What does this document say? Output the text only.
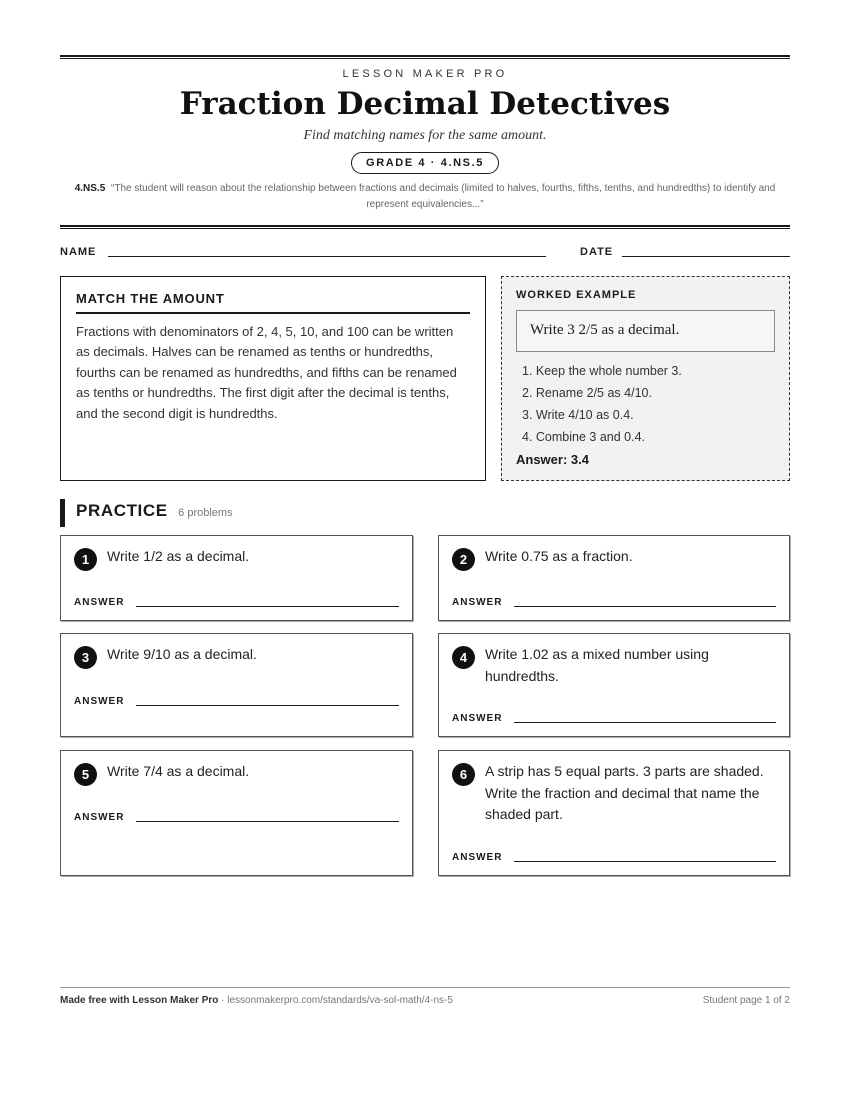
LESSON MAKER PRO
Fraction Decimal Detectives
Find matching names for the same amount.
GRADE 4 · 4.NS.5
4.NS.5 “The student will reason about the relationship between fractions and decimals (limited to halves, fourths, fifths, tenths, and hundredths) to identify and represent equivalencies...”
NAME	DATE
MATCH THE AMOUNT

Fractions with denominators of 2, 4, 5, 10, and 100 can be written as decimals. Halves can be renamed as tenths or hundredths, fourths can be renamed as hundredths, and fifths can be renamed as tenths or hundredths. The first digit after the decimal is tenths, and the second digit is hundredths.

WORKED EXAMPLE
Write 3 2/5 as a decimal.
1. Keep the whole number 3.
2. Rename 2/5 as 4/10.
3. Write 4/10 as 0.4.
4. Combine 3 and 0.4.
Answer: 3.4
PRACTICE 6 problems
1	Write 1/2 as a decimal.
ANSWER
2	Write 0.75 as a fraction.
ANSWER
3	Write 9/10 as a decimal.
ANSWER
4	Write 1.02 as a mixed number using hundredths.
ANSWER
5	Write 7/4 as a decimal.
ANSWER
6	A strip has 5 equal parts. 3 parts are shaded. Write the fraction and decimal that name the shaded part.
ANSWER
Made free with Lesson Maker Pro · lessonmakerpro.com/standards/va-sol-math/4-ns-5	Student page 1 of 2
